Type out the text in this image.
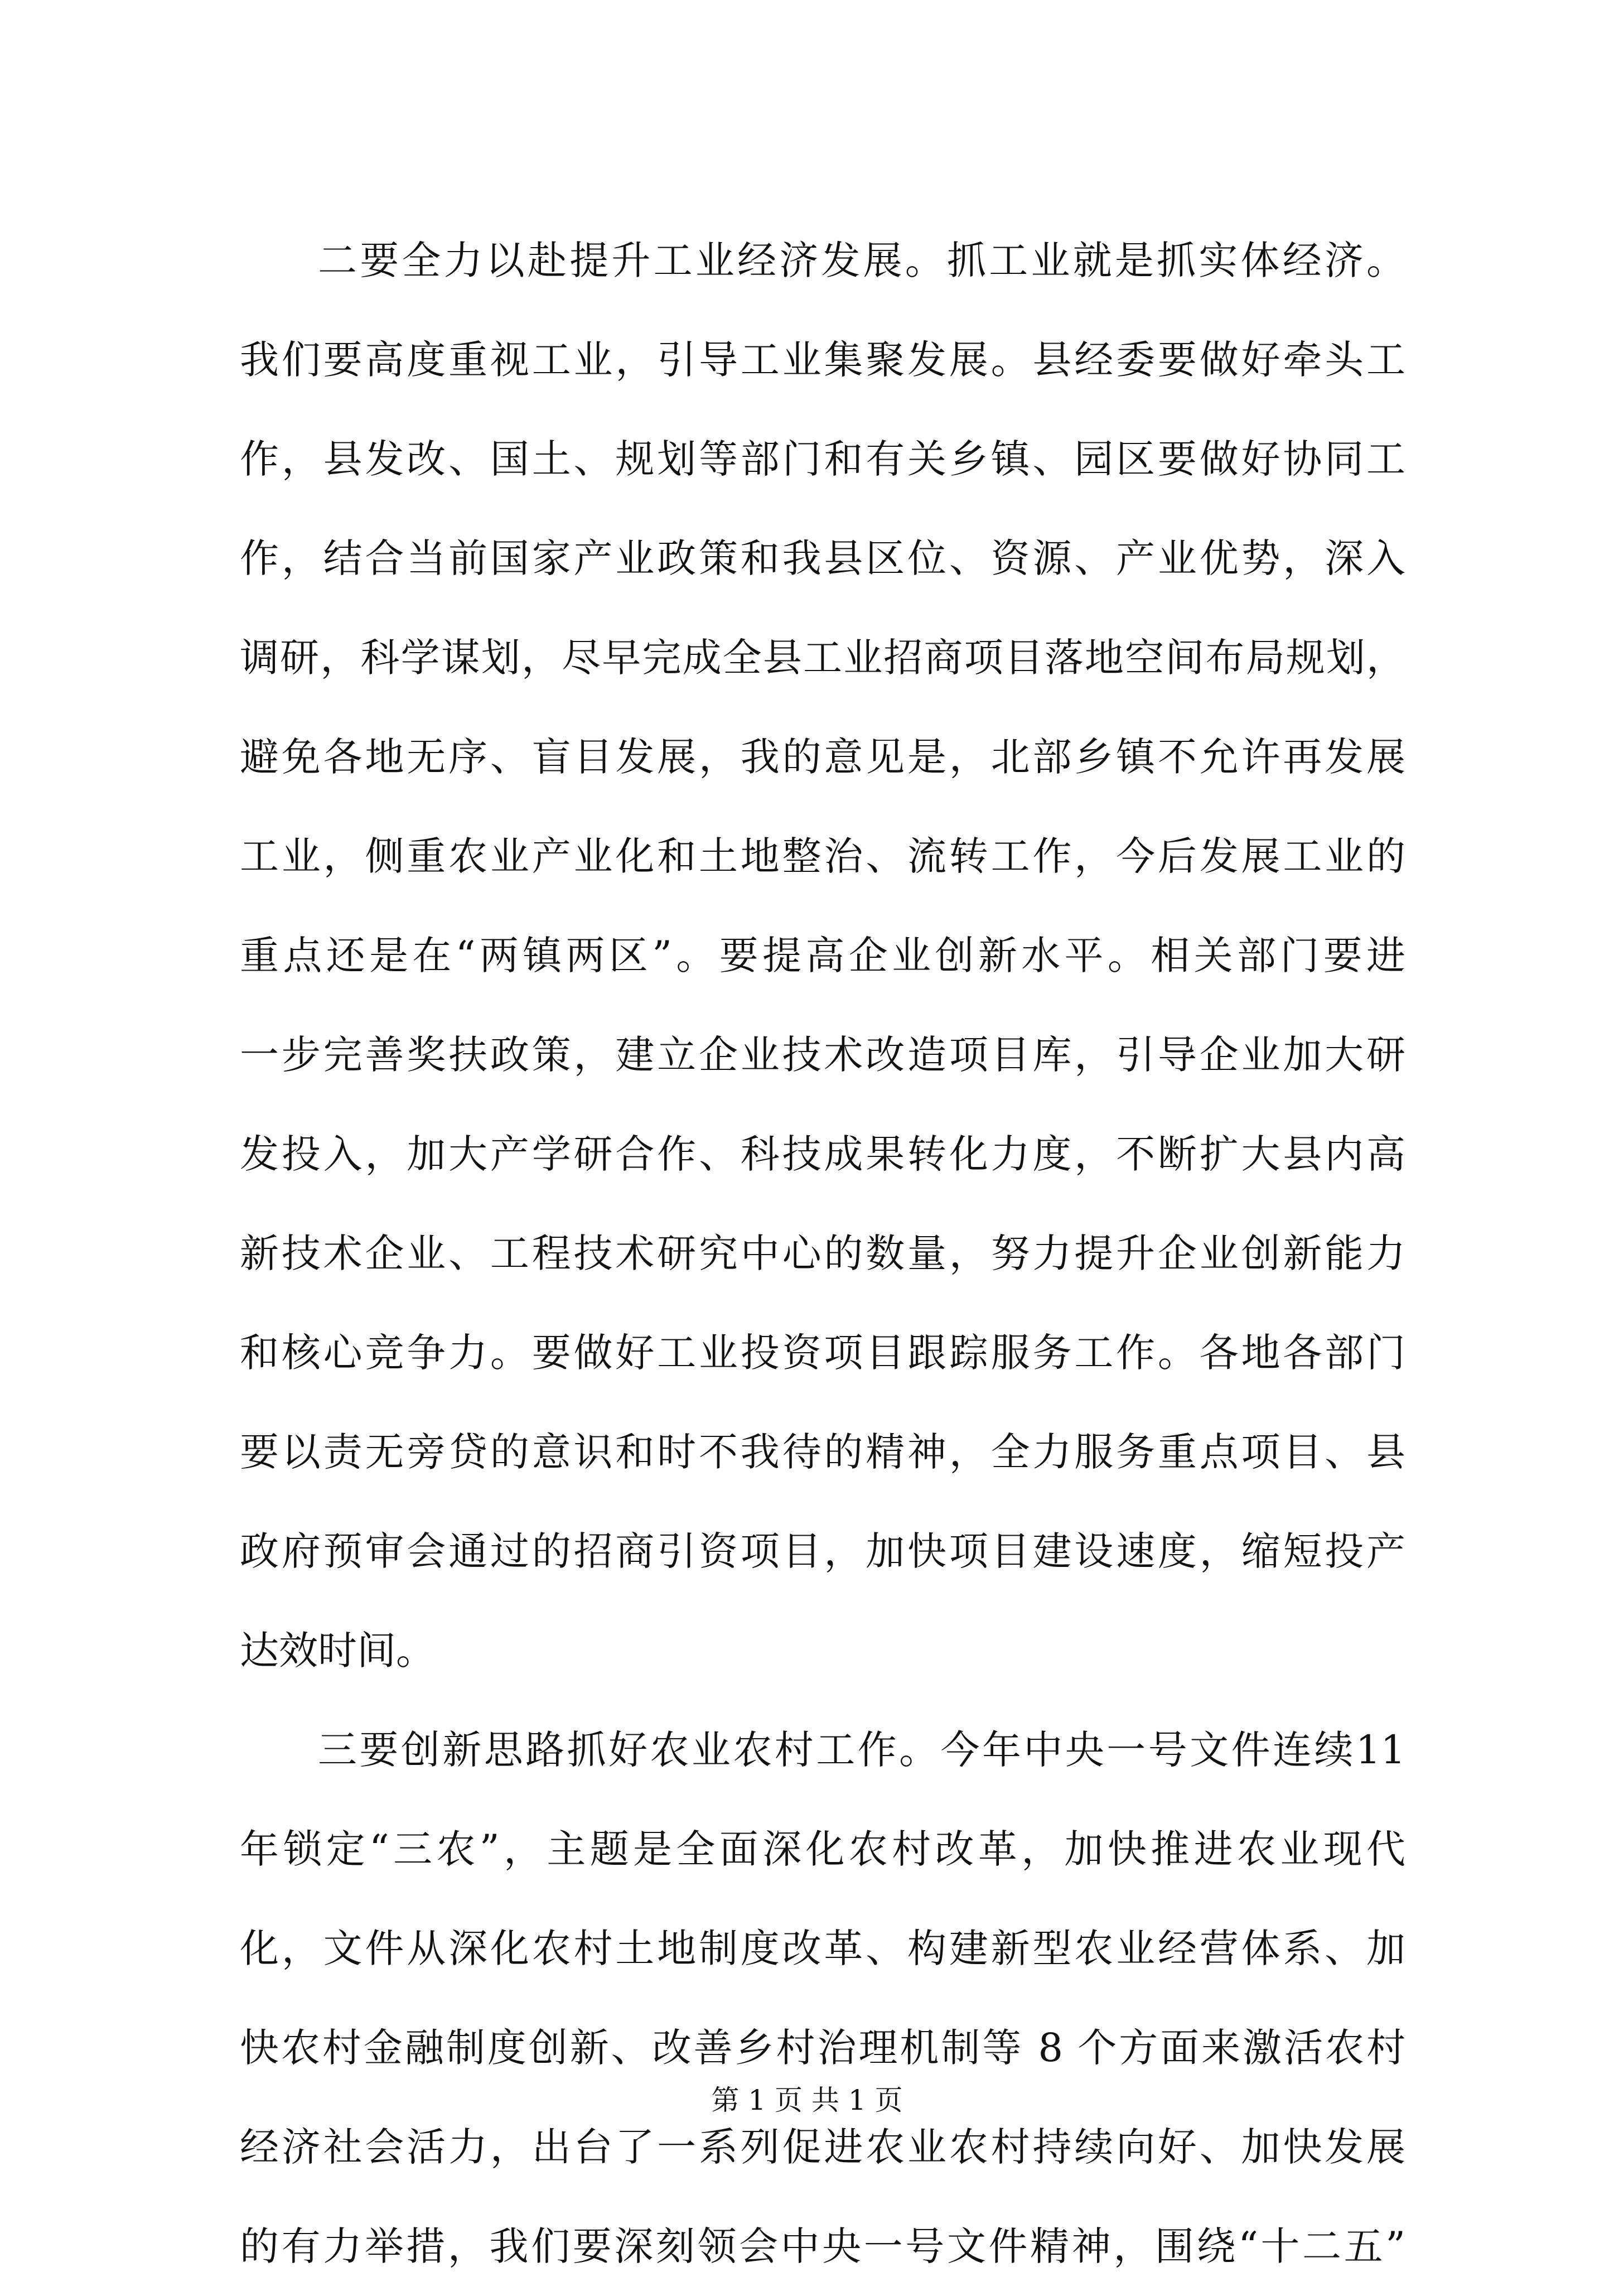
二要全力以赴提升工业经济发展。抓工业就是抓实体经济。
我们要高度重视工业，引导工业集聚发展。县经委要做好牵头工
作，县发改、国土、规划等部门和有关乡镇、园区要做好协同工
作，结合当前国家产业政策和我县区位、资源、产业优势，深入
调研，科学谋划，尽早完成全县工业招商项目落地空间布局规划，
避免各地无序、盲目发展，我的意见是，北部乡镇不允许再发展
工业，侧重农业产业化和土地整治、流转工作，今后发展工业的
重点还是在“两镇两区”。要提高企业创新水平。相关部门要进
一步完善奖扶政策，建立企业技术改造项目库，引导企业加大研
发投入，加大产学研合作、科技成果转化力度，不断扩大县内高
新技术企业、工程技术研究中心的数量，努力提升企业创新能力
和核心竞争力。要做好工业投资项目跟踪服务工作。各地各部门
要以责无旁贷的意识和时不我待的精神，全力服务重点项目、县
政府预审会通过的招商引资项目，加快项目建设速度，缩短投产
达效时间。
三要创新思路抓好农业农村工作。今年中央一号文件连续11
年锁定“三农”，主题是全面深化农村改革，加快推进农业现代
化，文件从深化农村土地制度改革、构建新型农业经营体系、加
快农村金融制度创新、改善乡村治理机制等 8 个方面来激活农村
经济社会活力，出台了一系列促进农业农村持续向好、加快发展
的有力举措，我们要深刻领会中央一号文件精神，围绕“十二五”
第 1 页 共 1 页
